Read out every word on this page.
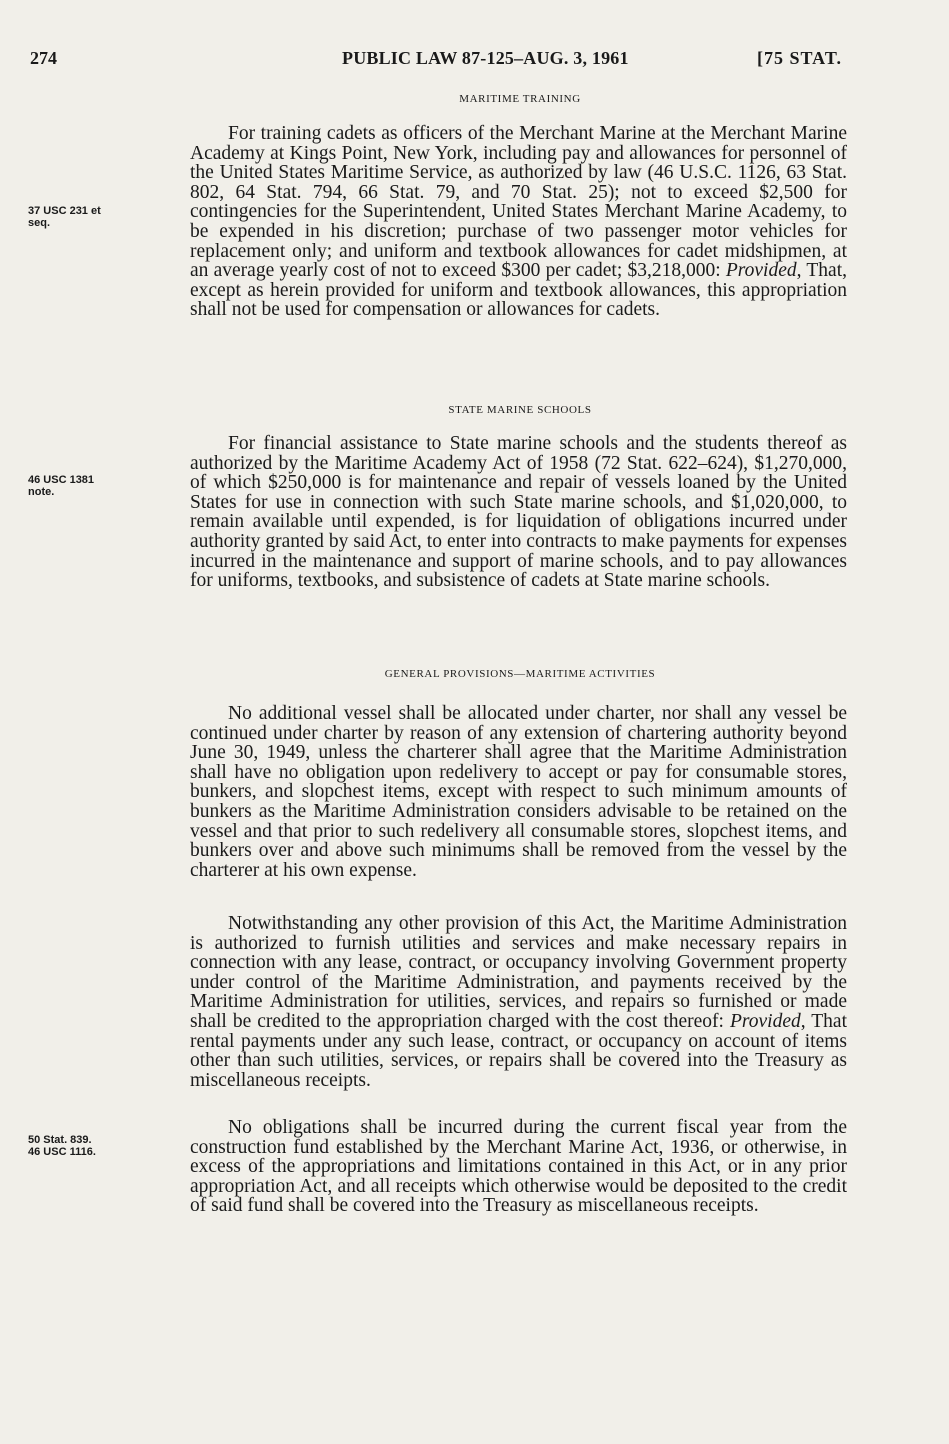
274	PUBLIC LAW 87-125–AUG. 3, 1961	[75 STAT.
MARITIME TRAINING

For training cadets as officers of the Merchant Marine at the Merchant Marine Academy at Kings Point, New York, including pay and allowances for personnel of the United States Maritime Service, as authorized by law (46 U.S.C. 1126, 63 Stat. 802, 64 Stat. 794, 66 Stat. 79, and 70 Stat. 25); not to exceed $2,500 for contingencies for the Superintendent, United States Merchant Marine Academy, to be expended in his discretion; purchase of two passenger motor vehicles for replacement only; and uniform and textbook allowances for cadet midshipmen, at an average yearly cost of not to exceed $300 per cadet; $3,218,000: Provided, That, except as herein provided for uniform and textbook allowances, this appropriation shall not be used for compensation or allowances for cadets.

37 USC 231 et
seq.
STATE MARINE SCHOOLS

For financial assistance to State marine schools and the students thereof as authorized by the Maritime Academy Act of 1958 (72 Stat. 622–624), $1,270,000, of which $250,000 is for maintenance and repair of vessels loaned by the United States for use in connection with such State marine schools, and $1,020,000, to remain available until expended, is for liquidation of obligations incurred under authority granted by said Act, to enter into contracts to make payments for expenses incurred in the maintenance and support of marine schools, and to pay allowances for uniforms, textbooks, and subsistence of cadets at State marine schools.

46 USC 1381
note.
GENERAL PROVISIONS—MARITIME ACTIVITIES

No additional vessel shall be allocated under charter, nor shall any vessel be continued under charter by reason of any extension of chartering authority beyond June 30, 1949, unless the charterer shall agree that the Maritime Administration shall have no obligation upon redelivery to accept or pay for consumable stores, bunkers, and slopchest items, except with respect to such minimum amounts of bunkers as the Maritime Administration considers advisable to be retained on the vessel and that prior to such redelivery all consumable stores, slopchest items, and bunkers over and above such minimums shall be removed from the vessel by the charterer at his own expense.

Notwithstanding any other provision of this Act, the Maritime Administration is authorized to furnish utilities and services and make necessary repairs in connection with any lease, contract, or occupancy involving Government property under control of the Maritime Administration, and payments received by the Maritime Administration for utilities, services, and repairs so furnished or made shall be credited to the appropriation charged with the cost thereof: Provided, That rental payments under any such lease, contract, or occupancy on account of items other than such utilities, services, or repairs shall be covered into the Treasury as miscellaneous receipts.

No obligations shall be incurred during the current fiscal year from the construction fund established by the Merchant Marine Act, 1936, or otherwise, in excess of the appropriations and limitations contained in this Act, or in any prior appropriation Act, and all receipts which otherwise would be deposited to the credit of said fund shall be covered into the Treasury as miscellaneous receipts.

50 Stat. 839.
46 USC 1116.
